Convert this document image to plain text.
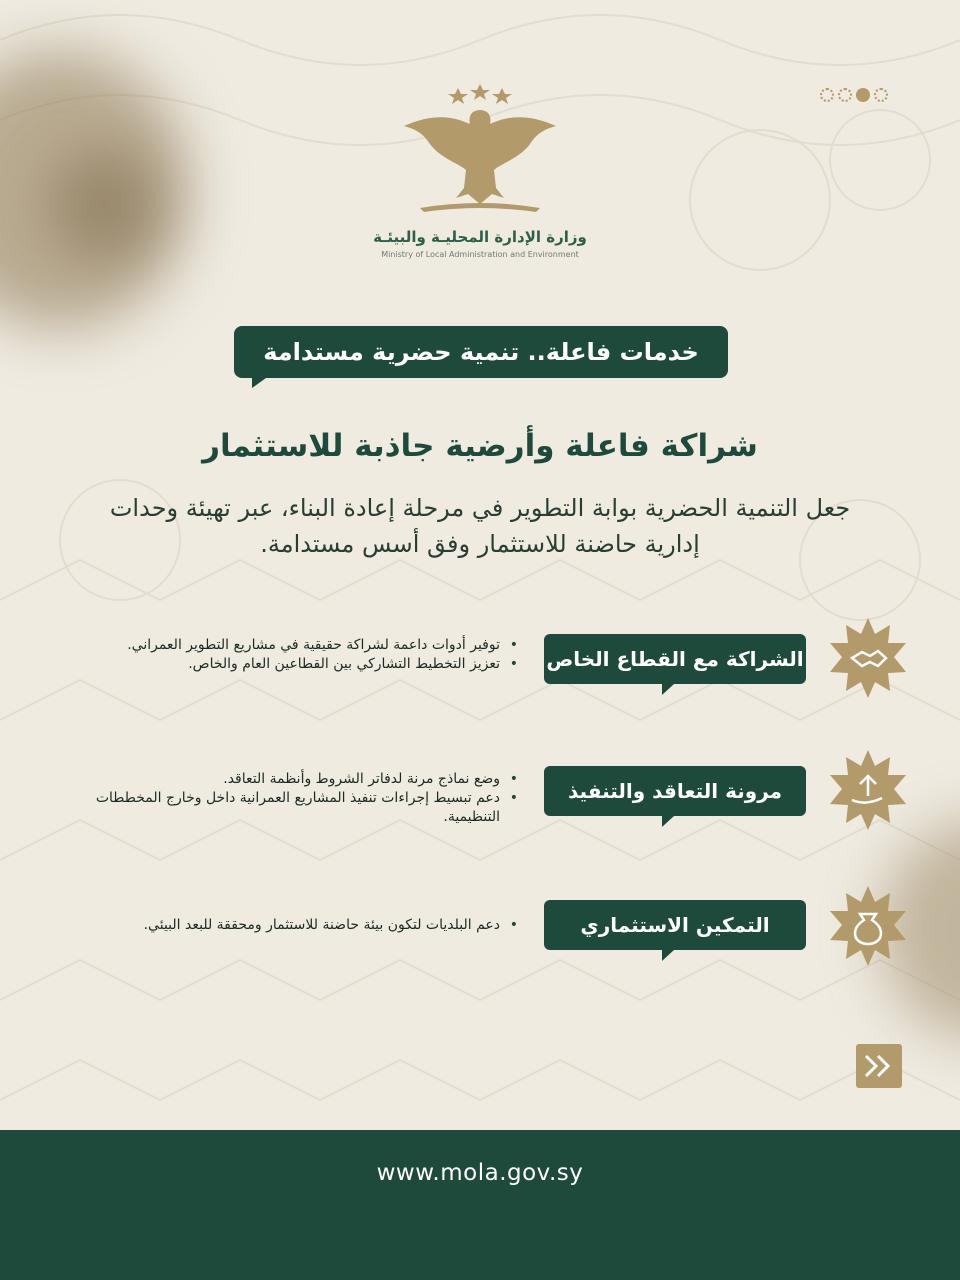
وزارة الإدارة المحليـة والبيئـة
Ministry of Local Administration and Environment
خدمات فاعلة.. تنمية حضرية مستدامة
شراكة فاعلة وأرضية جاذبة للاستثمار
جعل التنمية الحضرية بوابة التطوير في مرحلة إعادة البناء، عبر تهيئة وحدات إدارية حاضنة للاستثمار وفق أسس مستدامة.
الشراكة مع القطاع الخاص
• توفير أدوات داعمة لشراكة حقيقية في مشاريع التطوير العمراني.
• تعزيز التخطيط التشاركي بين القطاعين العام والخاص.
مرونة التعاقد والتنفيذ
• وضع نماذج مرنة لدفاتر الشروط وأنظمة التعاقد.
• دعم تبسيط إجراءات تنفيذ المشاريع العمرانية داخل وخارج المخططات التنظيمية.
التمكين الاستثماري
• دعم البلديات لتكون بيئة حاضنة للاستثمار ومحققة للبعد البيئي.
www.mola.gov.sy
